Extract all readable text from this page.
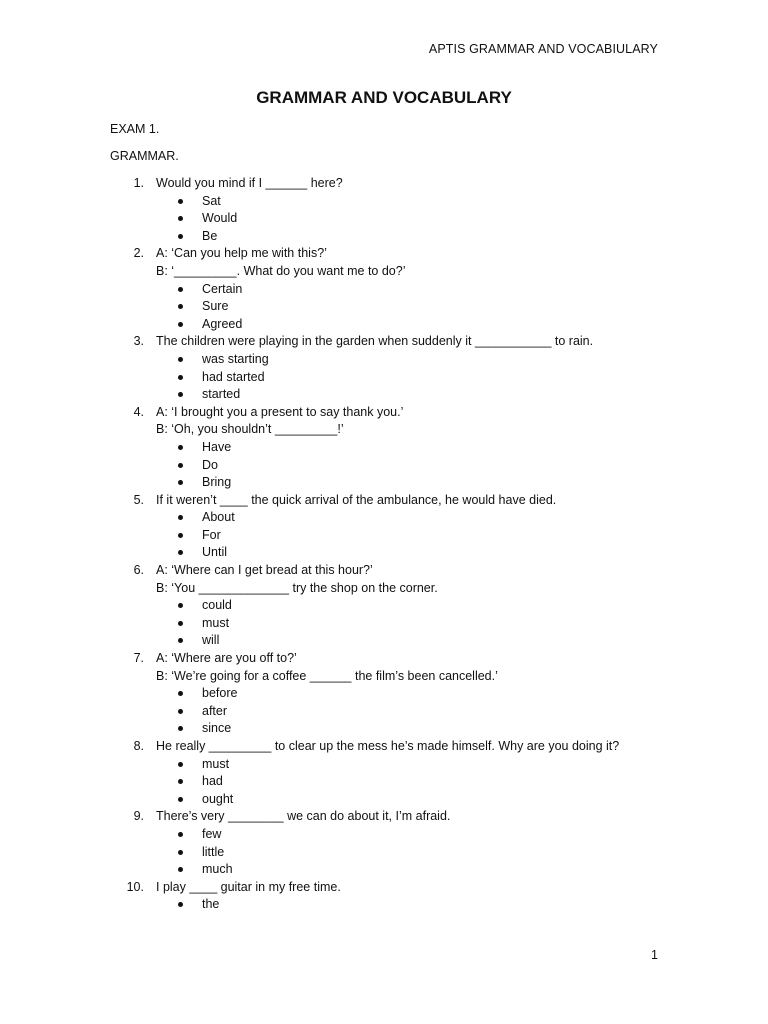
APTIS GRAMMAR AND VOCABIULARY
GRAMMAR AND VOCABULARY
EXAM 1.
GRAMMAR.
1. Would you mind if I ______ here?
Sat
Would
Be
2. A: ‘Can you help me with this?’
B: ‘_________. What do you want me to do?’
Certain
Sure
Agreed
3. The children were playing in the garden when suddenly it ___________ to rain.
was starting
had started
started
4. A: ‘I brought you a present to say thank you.’
B: ‘Oh, you shouldn’t _________!’
Have
Do
Bring
5. If it weren’t ____ the quick arrival of the ambulance, he would have died.
About
For
Until
6. A: ‘Where can I get bread at this hour?’
B: ‘You _____________ try the shop on the corner.
could
must
will
7. A: ‘Where are you off to?’
B: ‘We’re going for a coffee ______ the film’s been cancelled.’
before
after
since
8. He really _________ to clear up the mess he’s made himself. Why are you doing it?
must
had
ought
9. There’s very ________ we can do about it, I’m afraid.
few
little
much
10. I play ____ guitar in my free time.
the
1
